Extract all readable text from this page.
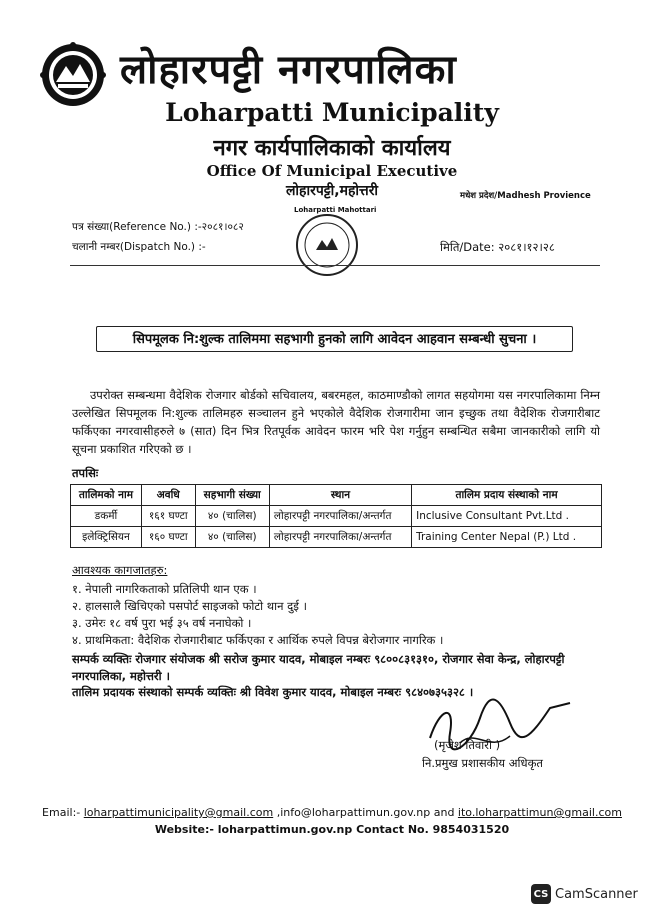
लोहारपट्टी नगरपालिका
Loharpatti Municipality
नगर कार्यपालिकाको कार्यालय
Office Of Municipal Executive
लोहारपट्टी,महोत्तरी	मधेश प्रदेश/Madhesh Provience
पत्र संख्या(Reference No.) :-२०८१।०८२
चलानी नम्बर(Dispatch No.) :-	मिति/Date: २०८१।१२।२८
Loharpatti Mahottari
सिपमूलक नि:शुल्क तालिममा सहभागी हुनको लागि आवेदन आहवान सम्बन्धी सुचना ।
उपरोक्त सम्बन्धमा वैदेशिक रोजगार बोर्डको सचिवालय, बबरमहल, काठमाण्डौको लागत सहयोगमा यस नगरपालिकामा निम्न उल्लेखित सिपमूलक नि:शुल्क तालिमहरु सञ्चालन हुने भएकोले वैदेशिक रोजगारीमा जान इच्छुक तथा वैदेशिक रोजगारीबाट फर्किएका नगरवासीहरुले ७ (सात) दिन भित्र रितपूर्वक आवेदन फारम भरि पेश गर्नुहुन सम्बन्धित सबैमा जानकारीको लागि यो सूचना प्रकाशित गरिएको छ ।
तपसिः
तालिमको नाम	अवधि	सहभागी संख्या	स्थान	तालिम प्रदाय संस्थाको नाम
डकर्मी	१६१ घण्टा	४० (चालिस)	लोहारपट्टी नगरपालिका/अन्तर्गत	Inclusive Consultant Pvt.Ltd .
इलेक्ट्रिसियन	१६० घण्टा	४० (चालिस)	लोहारपट्टी नगरपालिका/अन्तर्गत	Training Center Nepal (P.) Ltd .
आवश्यक कागजातहरु:
१. नेपाली नागरिकताको प्रतिलिपी थान एक ।
२. हालसालै खिचिएको पसपोर्ट साइजको फोटो थान दुई ।
३. उमेरः १८ वर्ष पुरा भई ३५ वर्ष ननाघेको ।
४. प्राथमिकता: वैदेशिक रोजगारीबाट फर्किएका र आर्थिक रुपले विपन्न बेरोजगार नागरिक ।
सम्पर्क व्यक्तिः रोजगार संयोजक श्री सरोज कुमार यादव, मोबाइल नम्बरः ९८००८३१३१०, रोजगार सेवा केन्द्र, लोहारपट्टी नगरपालिका, महोत्तरी ।
तालिम प्रदायक संस्थाको सम्पर्क व्यक्तिः श्री विवेश कुमार यादव, मोबाइल नम्बरः ९८४०७३५३२८ ।
(मृजेश तिवारी )
नि.प्रमुख प्रशासकीय अधिकृत
Email:- loharpattimunicipality@gmail.com ,info@loharpattimun.gov.np and ito.loharpattimun@gmail.com
Website:- loharpattimun.gov.np Contact No. 9854031520
CS CamScanner
